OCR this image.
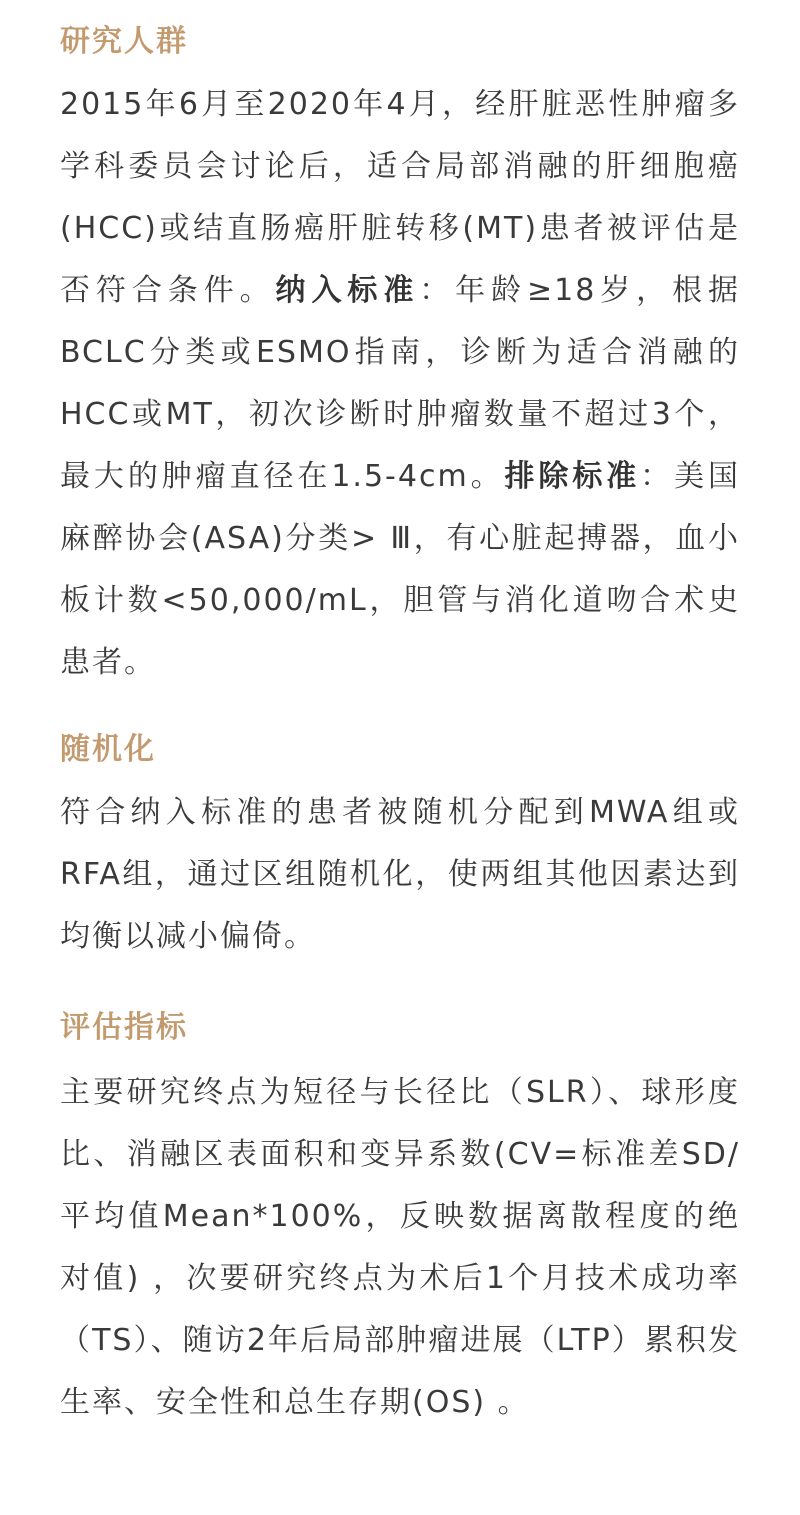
研究人群

2015年6月至2020年4月，经肝脏恶性肿瘤多学科委员会讨论后，适合局部消融的肝细胞癌(HCC)或结直肠癌肝脏转移(MT)患者被评估是否符合条件。纳入标准：年龄≥18岁，根据BCLC分类或ESMO指南，诊断为适合消融的HCC或MT，初次诊断时肿瘤数量不超过3个，最大的肿瘤直径在1.5-4cm。排除标准：美国麻醉协会(ASA)分类> Ⅲ，有心脏起搏器，血小板计数<50,000/mL，胆管与消化道吻合术史患者。

随机化

符合纳入标准的患者被随机分配到MWA组或RFA组，通过区组随机化，使两组其他因素达到均衡以减小偏倚。

评估指标

主要研究终点为短径与长径比（SLR）、球形度比、消融区表面积和变异系数(CV=标准差SD/平均值Mean*100%，反映数据离散程度的绝对值) ，次要研究终点为术后1个月技术成功率（TS）、随访2年后局部肿瘤进展（LTP）累积发生率、安全性和总生存期(OS) 。
